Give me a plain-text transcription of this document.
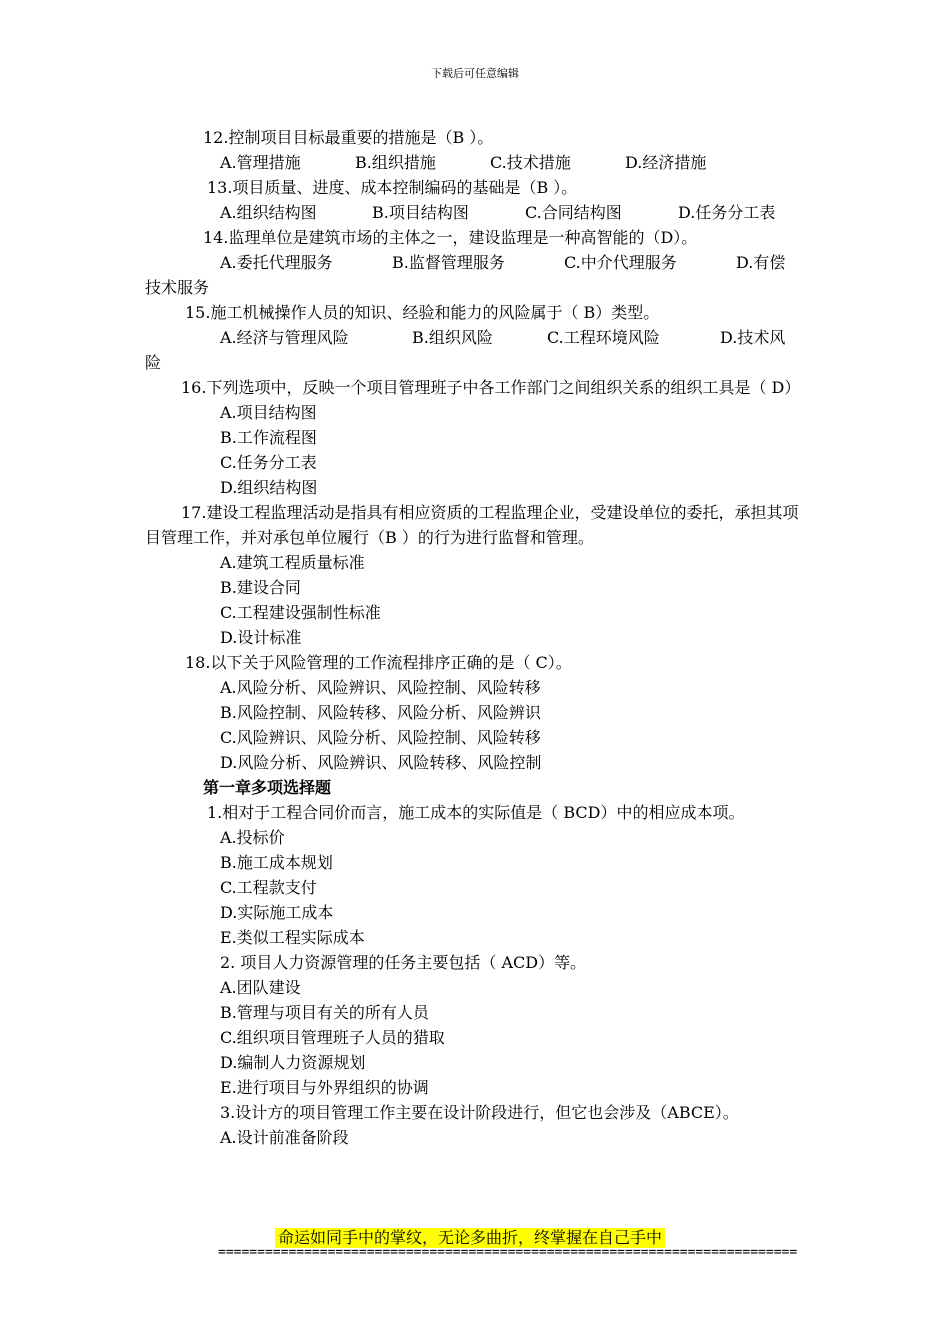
下载后可任意编辑
12.控制项目目标最重要的措施是（B ）。
A.管理措施	B.组织措施	C.技术措施	D.经济措施
13.项目质量、进度、成本控制编码的基础是（B ）。
A.组织结构图	B.项目结构图	C.合同结构图	D.任务分工表
14.监理单位是建筑市场的主体之一，建设监理是一种高智能的（D）。
A.委托代理服务	B.监督管理服务	C.中介代理服务	D.有偿
技术服务
15.施工机械操作人员的知识、经验和能力的风险属于（ B）类型。
A.经济与管理风险	B.组织风险	C.工程环境风险	D.技术风
险
16.下列选项中，反映一个项目管理班子中各工作部门之间组织关系的组织工具是（ D）
A.项目结构图
B.工作流程图
C.任务分工表
D.组织结构图
17.建设工程监理活动是指具有相应资质的工程监理企业，受建设单位的委托，承担其项目管理工作，并对承包单位履行（B ）的行为进行监督和管理。
A.建筑工程质量标准
B.建设合同
C.工程建设强制性标准
D.设计标准
18.以下关于风险管理的工作流程排序正确的是（ C）。
A.风险分析、风险辨识、风险控制、风险转移
B.风险控制、风险转移、风险分析、风险辨识
C.风险辨识、风险分析、风险控制、风险转移
D.风险分析、风险辨识、风险转移、风险控制
第一章多项选择题
1.相对于工程合同价而言，施工成本的实际值是（ BCD）中的相应成本项。
A.投标价
B.施工成本规划
C.工程款支付
D.实际施工成本
E.类似工程实际成本
2. 项目人力资源管理的任务主要包括（ ACD）等。
A.团队建设
B.管理与项目有关的所有人员
C.组织项目管理班子人员的猎取
D.编制人力资源规划
E.进行项目与外界组织的协调
3.设计方的项目管理工作主要在设计阶段进行，但它也会涉及（ABCE）。
A.设计前准备阶段
命运如同手中的掌纹，无论多曲折，终掌握在自己手中
==========================================================================
